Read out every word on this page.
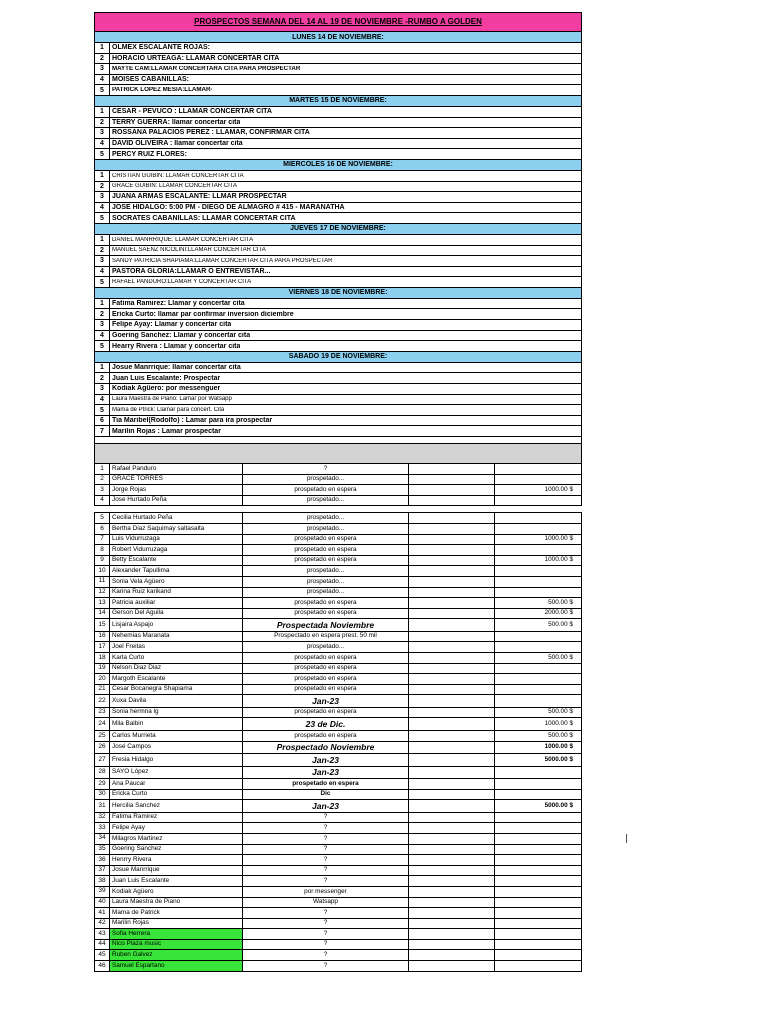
PROSPECTOS SEMANA DEL 14 AL 19 DE NOVIEMBRE -RUMBO A GOLDEN
LUNES 14 DE NOVIEMBRE:
1	OLMEX ESCALANTE ROJAS:
2	HORACIO URTEAGA: LLAMAR CONCERTAR CITA
3	MAYTE CAM:LLAMAR CONCERTARA CITA PARA PROSPECTAR
4	MOISES CABANILLAS:
5	PATRICK LÓPEZ MESIA:LLAMAR-
MARTES 15 DE NOVIEMBRE:
1	CESAR - PEVUCO : LLAMAR CONCERTAR CITA
2	TERRY GUERRA: llamar concertar cita
3	ROSSANA PALACIOS PÉREZ : LLAMAR, CONFIRMAR CITA
4	DAVID OLIVEIRA : llamar concertar cita
5	PERCY RUIZ FLORES:
MIERCOLES 16 DE NOVIEMBRE:
1	CRISTIAN GUIBIN: LLAMAR CONCERTAR CITA
2	GRACE GUIBIN: LLAMAR CONCERTAR CITA
3	JUANA ARMAS ESCALANTE: LLMAR PROSPECTAR
4	JOSE HIDALGO: 5:00 PM - DIEGO DE ALMAGRO # 415 - MARANATHA
5	SOCRATES CABANILLAS: LLAMAR CONCERTAR CITA
JUEVES 17 DE NOVIEMBRE:
1	DANIEL MANRRIQUE: LLAMAR CONCERTAR CITA
2	MANUEL SAENZ NICOLINI:LLAMAR CONCERTAR CITA
3	SANDY PATRICIA SHAPIAMA:LLAMAR CONCERTAR CITA PARA PROSPECTAR
4	PASTORA GLORIA:LLAMAR O ENTREVISTAR...
5	RAFAEL PANDURO:LLAMAR Y CONCERTAR CITA
VIERNES 18 DE NOVIEMBRE:
1	Fatima Ramirez: Llamar y concertar cita
2	Ericka Curto: llamar par confirmar inversion diciembre
3	Felipe Ayay: Llamar y concertar cita
4	Goering Sanchez: Llamar y concertar cita
5	Hearry Rivera : Llamar y concertar cita
SABADO 19 DE NOVIEMBRE:
1	Josue Manrrique: llamar concertar cita
2	Juan Luis Escalante: Prospectar
3	Kodiak Agüero: por messenguer
4	Laura Maestra de Piano: Lamar por Watsapp
5	Mama de Ptrick: Llamar para concert. Cita
6	Tia Maribel(Rodolfo) : Lamar para ira prospectar
7	Marilin Rojas : Lamar prospectar
1	Rafael Panduro	?
2	GRACE TORRES	prospetado...
3	Jorge Rojas	prospetado en espera	1000.00 $
4	Jose Hurtado Peña	prospetado...
5	Cecilia Hurtado Peña	prospetado...
6	Bertha Diaz Saquimay saltasalta	prospetado...
7	Luis Vidurruzaga	prospetado en espera	1000.00 $
8	Robert Vidurruzaga	prospetado en espera
9	Betty Escalante	prospetado en espera	1000.00 $
10 Alexander Tapullima	prospetado...
11	Sonia Vela Agüero	prospetado...
12 Karina Ruiz karikand	prospetado...
13 Patricia auxiliar	prospetado en espera	500.00 $
14 Gerson Del Aguila	prospetado en espera	2000.00 $
15 Lisjaira Aspajo	Prospectada Noviembre	500.00 $
16 Nehemias Maranata	Prospectado en espera prest. 50 mil
17 Joel Freitas	prospetado...
18 Karla Curto	prospetado en espera	500.00 $
19 Nelson Diaz Diaz	prospetado en espera
20 Margoth Escalante	prospetado en espera
21 Cesar Bocanegra Shapiama	prospetado en espera
22 Xuxa Davila	Jan-23
23 Sonia hermna lg	prospetado en espera	500.00 $
24 Mila Balbin	23 de Dic.	1000.00 $
25 Carlos Murrieta	prospetado en espera	500.00 $
26 José Campos	Prospectado Noviembre	1000.00 $
27 Fresia Hidalgo	Jan-23	5000.00 $
28 SAYO López	Jan-23
29 Ana Paucar	prospetado en espera
30 Ericka Curto	Dic
31 Hercilia Sanchez	Jan-23	5000.00 $
32 Fatima Ramirez	?
33 Felipe Ayay	?
34 Milagros Martinez	?
35 Goering Sanchez	?
36 Henrry Rivera	?
37 Josue Manrrique	?
38 Juan Luis Escalante	?
39 Kodiak Agüero	por messenger
40 Laura Maestra de Piano	Watsapp
41 Mama de Patrick	?
42 Marilin Rojas	?
43 Sofia Herrera	?
44 Nico Plaza music	?
45 Ruben Galvez	?
46 Samuel Espartano	?
